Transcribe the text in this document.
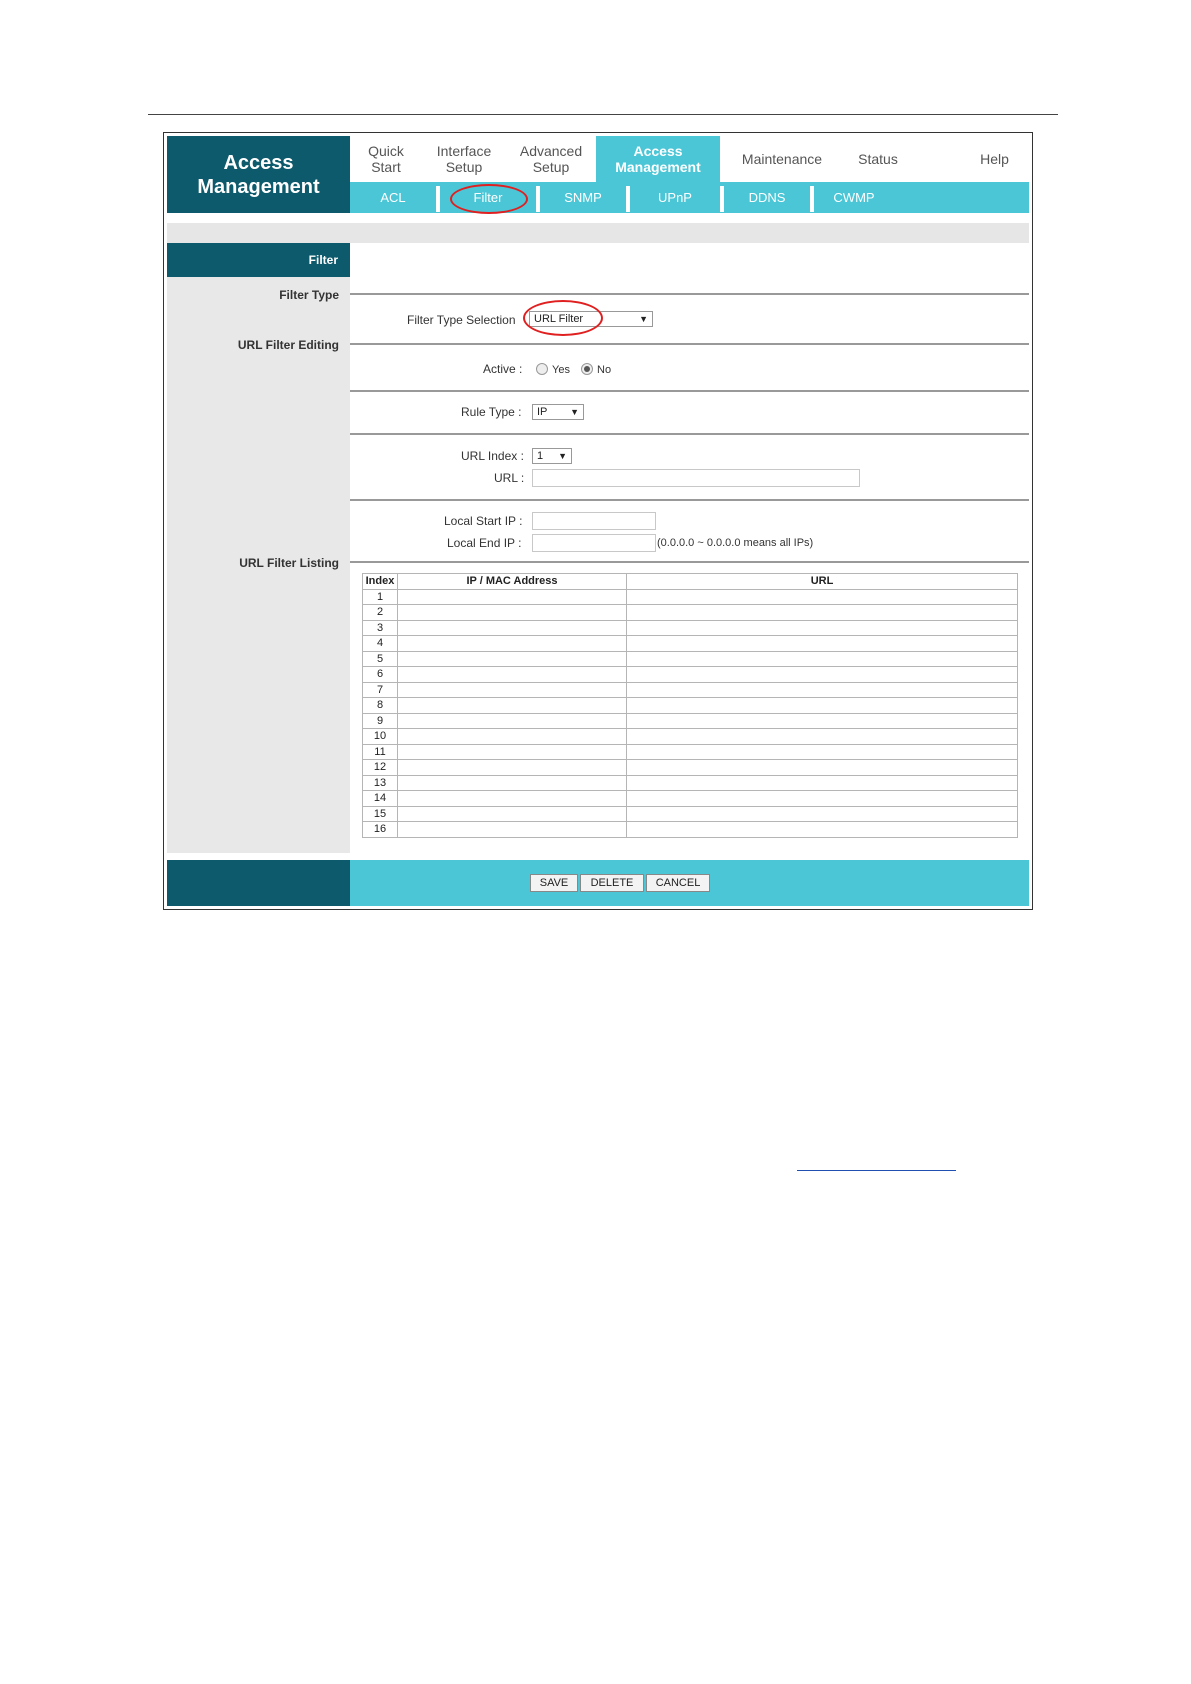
Access
Management
Quick
Start
Interface
Setup
Advanced
Setup
Access
Management	Maintenance	Status	Help
ACL	Filter	SNMP	UPnP	DDNS	CWMP
Filter
Filter Type
URL Filter Editing
URL Filter Listing
Filter Type Selection	URL Filter	▼
Active :	Yes No
Rule Type :	IP	▼
URL Index :	1 ▼
URL :
Local Start IP :
Local End IP :	(0.0.0.0 ~ 0.0.0.0 means all IPs)
Index	IP / MAC Address	URL
1		
2		
3		
4		
5		
6		
7		
8		
9		
10		
11		
12		
13		
14		
15		
16		
SAVE	DELETE	CANCEL
